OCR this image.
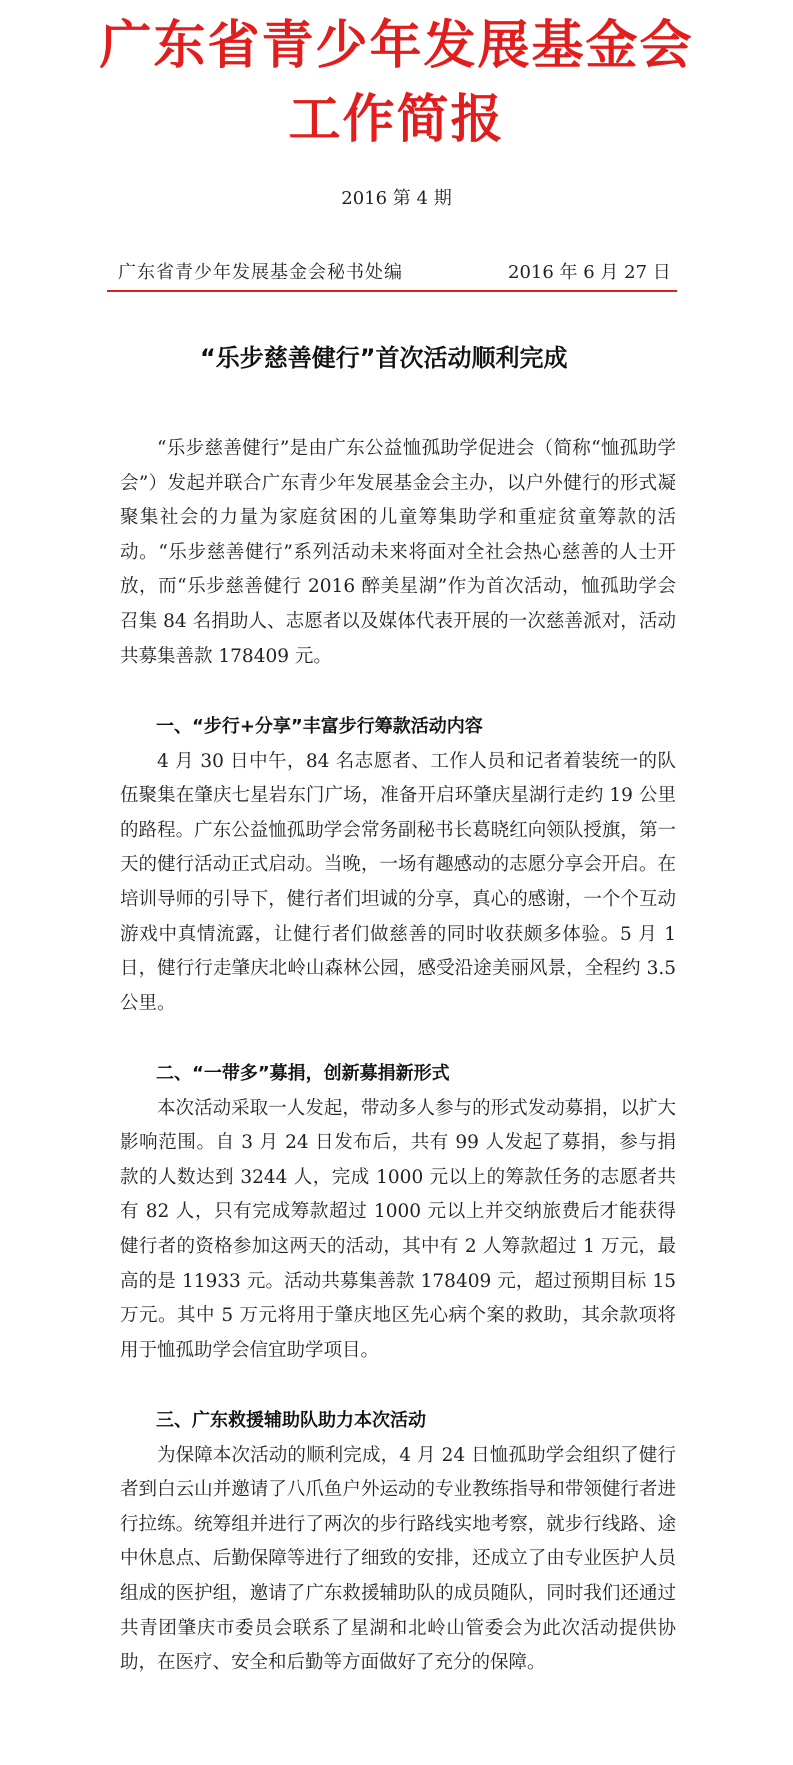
广东省青少年发展基金会
工作简报
2016 第 4 期
广东省青少年发展基金会秘书处编	2016 年 6 月 27 日
“乐步慈善健行”首次活动顺利完成

“乐步慈善健行”是由广东公益恤孤助学促进会（简称“恤孤助学会”）发起并联合广东青少年发展基金会主办，以户外健行的形式凝聚集社会的力量为家庭贫困的儿童筹集助学和重症贫童筹款的活动。“乐步慈善健行”系列活动未来将面对全社会热心慈善的人士开放，而“乐步慈善健行 2016 醉美星湖”作为首次活动，恤孤助学会召集 84 名捐助人、志愿者以及媒体代表开展的一次慈善派对，活动共募集善款 178409 元。

一、“步行+分享”丰富步行筹款活动内容

4 月 30 日中午，84 名志愿者、工作人员和记者着装统一的队伍聚集在肇庆七星岩东门广场，准备开启环肇庆星湖行走约 19 公里的路程。广东公益恤孤助学会常务副秘书长葛晓红向领队授旗，第一天的健行活动正式启动。当晚，一场有趣感动的志愿分享会开启。在培训导师的引导下，健行者们坦诚的分享，真心的感谢，一个个互动游戏中真情流露，让健行者们做慈善的同时收获颇多体验。5 月 1 日，健行行走肇庆北岭山森林公园，感受沿途美丽风景，全程约 3.5 公里。

二、“一带多”募捐，创新募捐新形式

本次活动采取一人发起，带动多人参与的形式发动募捐，以扩大影响范围。自 3 月 24 日发布后，共有 99 人发起了募捐，参与捐款的人数达到 3244 人，完成 1000 元以上的筹款任务的志愿者共有 82 人，只有完成筹款超过 1000 元以上并交纳旅费后才能获得健行者的资格参加这两天的活动，其中有 2 人筹款超过 1 万元，最高的是 11933 元。活动共募集善款 178409 元，超过预期目标 15 万元。其中 5 万元将用于肇庆地区先心病个案的救助，其余款项将用于恤孤助学会信宜助学项目。

三、广东救援辅助队助力本次活动

为保障本次活动的顺利完成，4 月 24 日恤孤助学会组织了健行者到白云山并邀请了八爪鱼户外运动的专业教练指导和带领健行者进行拉练。统筹组并进行了两次的步行路线实地考察，就步行线路、途中休息点、后勤保障等进行了细致的安排，还成立了由专业医护人员组成的医护组，邀请了广东救援辅助队的成员随队，同时我们还通过共青团肇庆市委员会联系了星湖和北岭山管委会为此次活动提供协助，在医疗、安全和后勤等方面做好了充分的保障。
